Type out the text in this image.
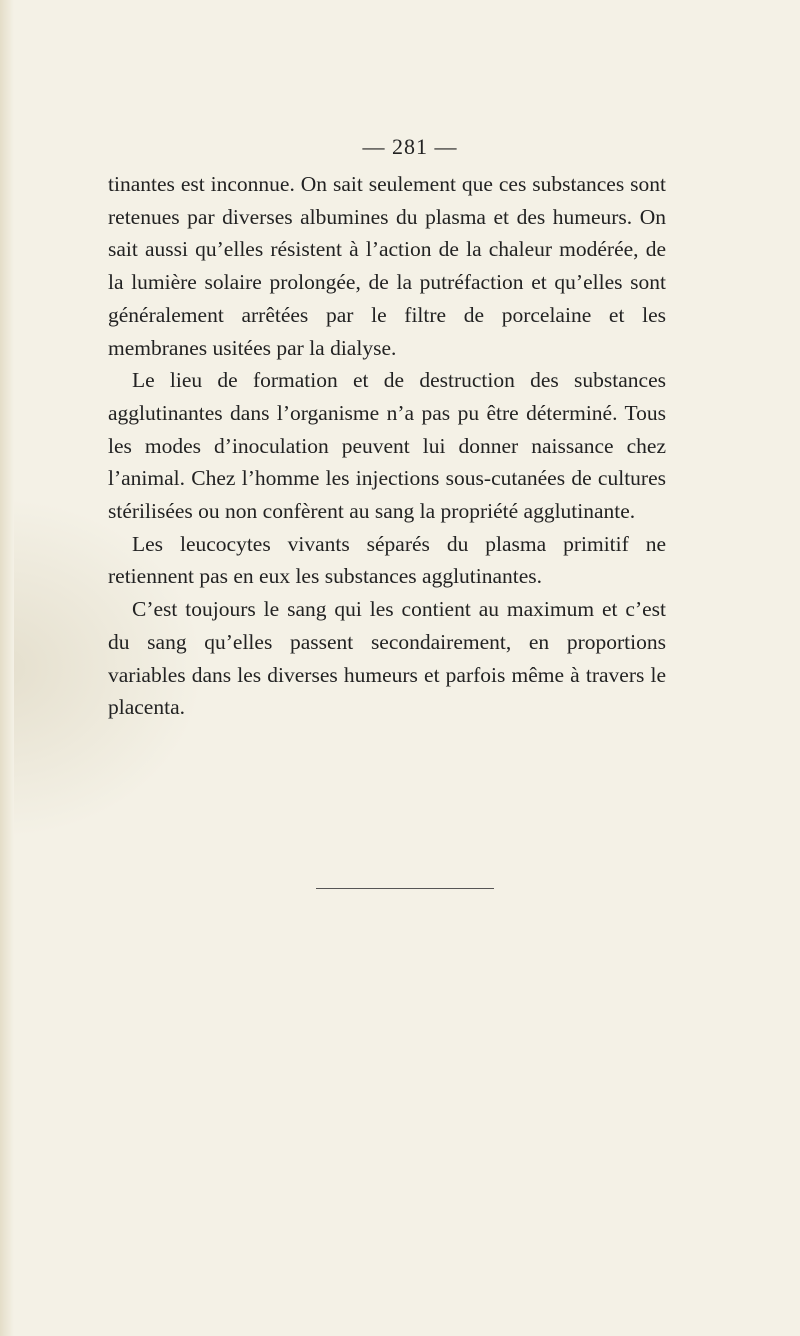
— 281 —

tinantes est inconnue. On sait seulement que ces substances sont retenues par diverses albumines du plasma et des humeurs. On sait aussi qu’elles résistent à l’action de la chaleur modérée, de la lumière solaire prolongée, de la putréfaction et qu’elles sont généralement arrêtées par le filtre de porcelaine et les membranes usitées par la dialyse.

Le lieu de formation et de destruction des substances agglutinantes dans l’organisme n’a pas pu être déterminé. Tous les modes d’inoculation peuvent lui donner naissance chez l’animal. Chez l’homme les injections sous-cutanées de cultures stérilisées ou non confèrent au sang la propriété agglutinante.

Les leucocytes vivants séparés du plasma primitif ne retiennent pas en eux les substances agglutinantes.

C’est toujours le sang qui les contient au maximum et c’est du sang qu’elles passent secondairement, en proportions variables dans les diverses humeurs et parfois même à travers le placenta.
